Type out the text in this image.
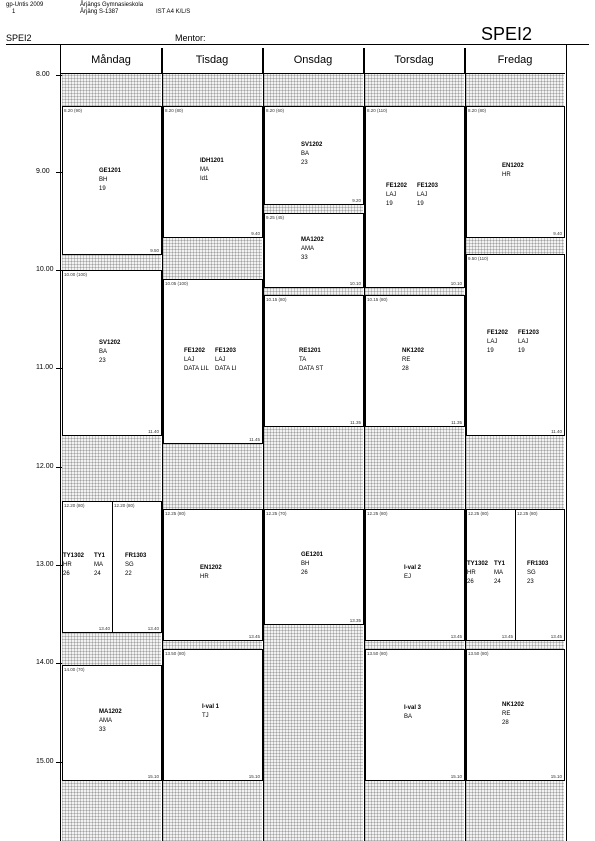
gp-Untis 2009	Årjängs Gymnasieskola
1	Årjäng S-1387	IST A4 K/L/S
SPEI2	Mentor:	SPEI2
Måndag	Tisdag	Onsdag	Torsdag	Fredag
8.00
9.00
10.00
11.00
12.00
13.00
14.00
15.00
8.20 (90)
9.50
GE1201
BH
19
10.00 (100)
11.40
SV1202
BA
23
12.20 (80)
13.40
TY1302
HR
26
TY1
MA
24
12.20 (80)
13.40
FR1303
SG
22
14.00 (70)
15.10
MA1202
AMA
33
8.20 (80)
9.40
IDH1201
MA
Id1
10.05 (100)
11.45
FE1202
LAJ
DATA LIL
FE1203
LAJ
DATA LI
12.25 (80)
13.45
EN1202
HR
13.50 (80)
15.10
I-val 1
TJ
8.20 (60)
9.20
SV1202
BA
23
9.25 (45)
10.10
MA1202
AMA
33
10.15 (80)
11.35
RE1201
TA
DATA ST
12.25 (70)
13.35
GE1201
BH
26
8.20 (110)
10.10
FE1202
LAJ
19
FE1203
LAJ
19
10.15 (80)
11.35
NK1202
RE
28
12.25 (80)
13.45
I-val 2
EJ
13.50 (80)
15.10
I-val 3
BA
8.20 (80)
9.40
EN1202
HR
9.50 (110)
11.40
FE1202
LAJ
19
FE1203
LAJ
19
12.25 (80)
13.45
TY1302
HR
26
TY1
MA
24
12.25 (80)
13.45
FR1303
SG
23
13.50 (80)
15.10
NK1202
RE
28
